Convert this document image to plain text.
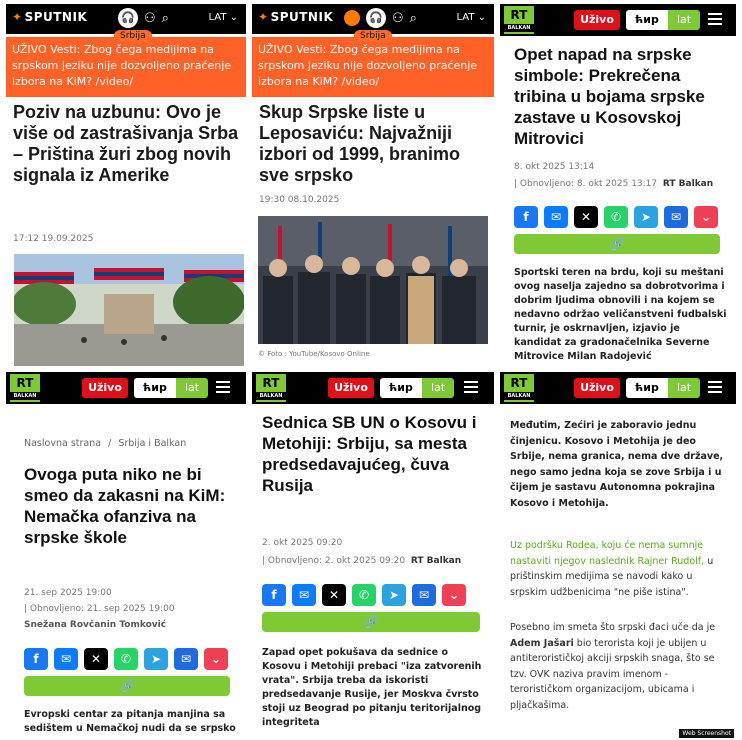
✦ SPUTNIK	🎧 ⚇ ⌕	LAT ⌄
Srbija
UŽIVO Vesti: Zbog čega medijima na srpskom jeziku nije dozvoljeno praćenje izbora na KiM? /video/
Poziv na uzbunu: Ovo je više od zastrašivanja Srba – Priština žuri zbog novih signala iz Amerike
17:12 19.09.2025
✦ SPUTNIK	🎧 ⚇ ⌕	LAT ⌄
Srbija
UŽIVO Vesti: Zbog čega medijima na srpskom jeziku nije dozvoljeno praćenje izbora na KiM? /video/
Skup Srpske liste u Leposaviću: Najvažniji izbori od 1999, branimo sve srpsko
19:30 08.10.2025
© Foto : YouTube/Kosovo Online
RT
BALKAN
Uživo	ћир	lat
Opet napad na srpske simbole: Prekrečena tribina u bojama srpske zastave u Kosovskoj Mitrovici
8. okt 2025 13:14
| Obnovljeno: 8. okt 2025 13:17 RT Balkan
f	✉	✕	✆	➤	✉	⌄
🔗
Sportski teren na brdu, koji su meštani ovog naselja zajedno sa dobrotvorima i dobrim ljudima obnovili i na kojem se nedavno održao veličanstveni fudbalski turnir, je oskrnavljen, izjavio je kandidat za gradonačelnika Severne Mitrovice Milan Radojević
RT
BALKAN
Uživo	ћир	lat
Naslovna strana / Srbija i Balkan
Ovoga puta niko ne bi smeo da zakasni na KiM: Nemačka ofanziva na srpske škole
21. sep 2025 19:00
| Obnovljeno: 21. sep 2025 19:00
Snežana Rovčanin Tomković
f	✉	✕	✆	➤	✉	⌄
🔗
Evropski centar za pitanja manjina sa sedištem u Nemačkoj nudi da se srpsko
RT
BALKAN
Uživo	ћир	lat
Sednica SB UN o Kosovu i Metohiji: Srbiju, sa mesta predsedavajućeg, čuva Rusija
2. okt 2025 09:20
| Obnovljeno: 2. okt 2025 09:20 RT Balkan
f	✉	✕	✆	➤	✉	⌄
🔗
Zapad opet pokušava da sednice o Kosovu i Metohiji prebaci "iza zatvorenih vrata". Srbija treba da iskoristi predsedavanje Rusije, jer Moskva čvrsto stoji uz Beograd po pitanju teritorijalnog integriteta
RT
BALKAN
Uživo	ћир	lat
Međutim, Zećiri je zaboravio jednu činjenicu. Kosovo i Metohija je deo Srbije, nema granica, nema dve države, nego samo jedna koja se zove Srbija i u čijem je sastavu Autonomna pokrajina Kosovo i Metohija.
Uz podršku Rodea, koju će nema sumnje nastaviti njegov naslednik Rajner Rudolf, u prištinskim medijima se navodi kako u srpskim udžbenicima "ne piše istina".
Posebno im smeta što srpski đaci uče da je Adem Jašari bio terorista koji je ubijen u antiterorističkoj akciji srpskih snaga, što se tzv. OVK naziva pravim imenom - terorističkom organizacijom, ubicama i pljačkašima.
Web Screenshot
